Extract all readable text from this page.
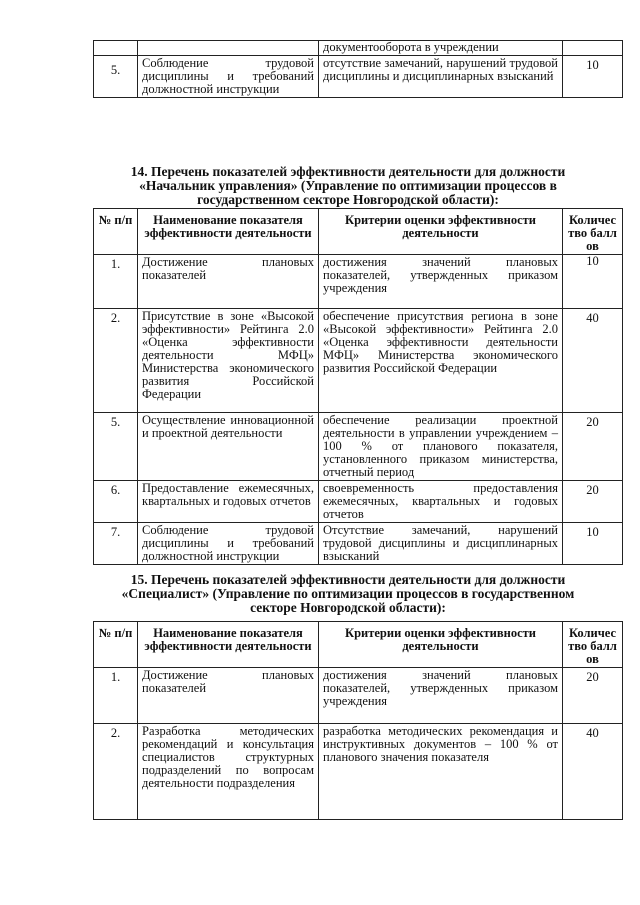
		документооборота в учреждении	
5.	Соблюдение трудовой дисциплины и требований должностной инструкции	отсутствие замечаний, нарушений трудовой дисциплины и дисциплинарных взысканий	10
14. Перечень показателей эффективности деятельности для должности «Начальник управления» (Управление по оптимизации процессов в государственном секторе Новгородской области):
№ п/п	Наименование показателя эффективности деятельности	Критерии оценки эффективности деятельности	Количество баллов
1.	Достижение плановых показателей	достижения значений плановых показателей, утвержденных приказом учреждения	10
2.	Присутствие в зоне «Высокой эффективности» Рейтинга 2.0 «Оценка эффективности деятельности МФЦ» Министерства экономического развития Российской Федерации	обеспечение присутствия региона в зоне «Высокой эффективности» Рейтинга 2.0 «Оценка эффективности деятельности МФЦ» Министерства экономического развития Российской Федерации	40
5.	Осуществление инновационной и проектной деятельности	обеспечение реализации проектной деятельности в управлении учреждением – 100 % от планового показателя, установленного приказом министерства, отчетный период	20
6.	Предоставление ежемесячных, квартальных и годовых отчетов	своевременность предоставления ежемесячных, квартальных и годовых отчетов	20
7.	Соблюдение трудовой дисциплины и требований должностной инструкции	Отсутствие замечаний, нарушений трудовой дисциплины и дисциплинарных взысканий	10
15. Перечень показателей эффективности деятельности для должности «Специалист» (Управление по оптимизации процессов в государственном секторе Новгородской области):
№ п/п	Наименование показателя эффективности деятельности	Критерии оценки эффективности деятельности	Количество баллов
1.	Достижение плановых показателей	достижения значений плановых показателей, утвержденных приказом учреждения	20
2.	Разработка методических рекомендаций и консультация специалистов структурных подразделений по вопросам деятельности подразделения	разработка методических рекомендация и инструктивных документов – 100 % от планового значения показателя	40
